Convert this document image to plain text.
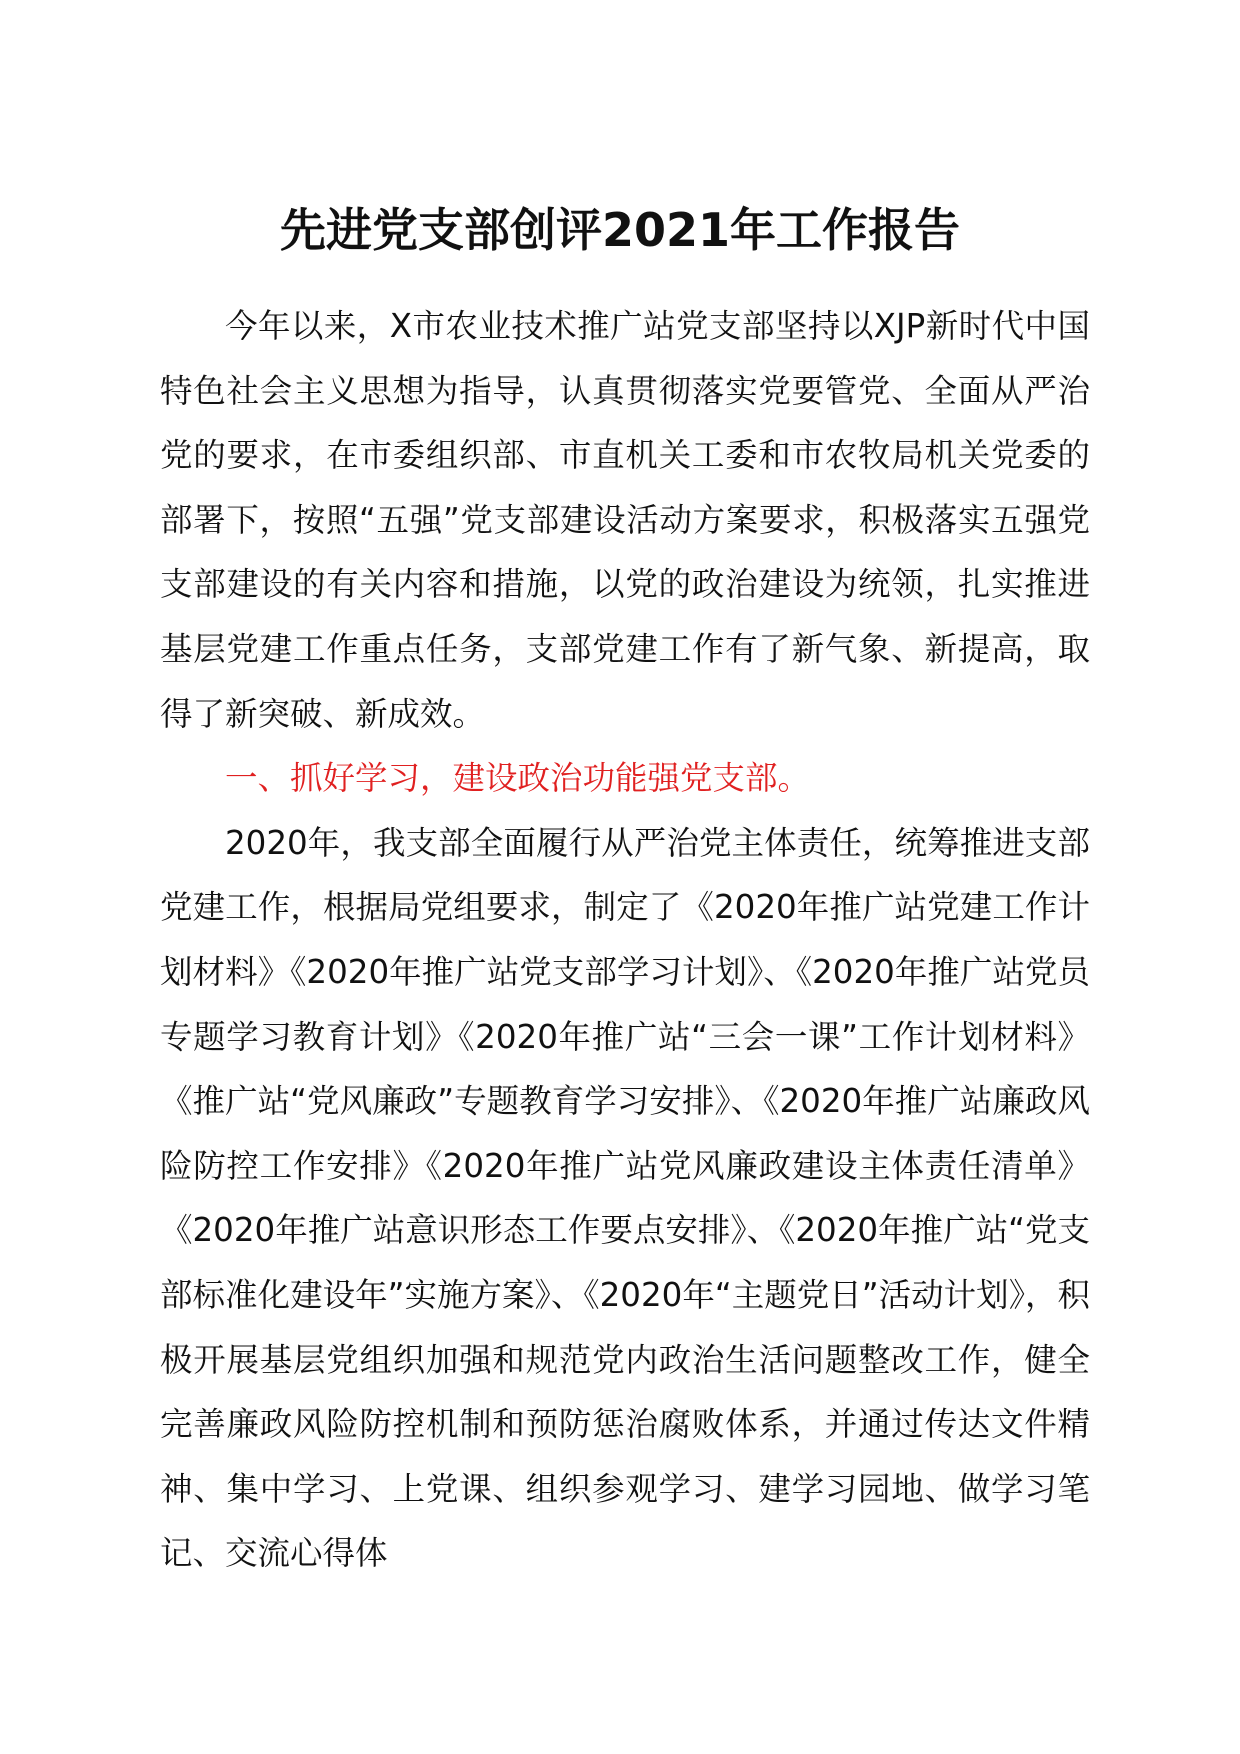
先进党支部创评2021年工作报告

今年以来，X市农业技术推广站党支部坚持以XJP新时代中国特色社会主义思想为指导，认真贯彻落实党要管党、全面从严治党的要求，在市委组织部、市直机关工委和市农牧局机关党委的部署下，按照“五强”党支部建设活动方案要求，积极落实五强党支部建设的有关内容和措施，以党的政治建设为统领，扎实推进基层党建工作重点任务，支部党建工作有了新气象、新提高，取得了新突破、新成效。

一、抓好学习，建设政治功能强党支部。

2020年，我支部全面履行从严治党主体责任，统筹推进支部党建工作，根据局党组要求，制定了《2020年推广站党建工作计划材料》《2020年推广站党支部学习计划》、《2020年推广站党员专题学习教育计划》《2020年推广站“三会一课”工作计划材料》《推广站“党风廉政”专题教育学习安排》、《2020年推广站廉政风险防控工作安排》《2020年推广站党风廉政建设主体责任清单》《2020年推广站意识形态工作要点安排》、《2020年推广站“党支部标准化建设年”实施方案》、《2020年“主题党日”活动计划》，积极开展基层党组织加强和规范党内政治生活问题整改工作，健全完善廉政风险防控机制和预防惩治腐败体系，并通过传达文件精神、集中学习、上党课、组织参观学习、建学习园地、做学习笔记、交流心得体
